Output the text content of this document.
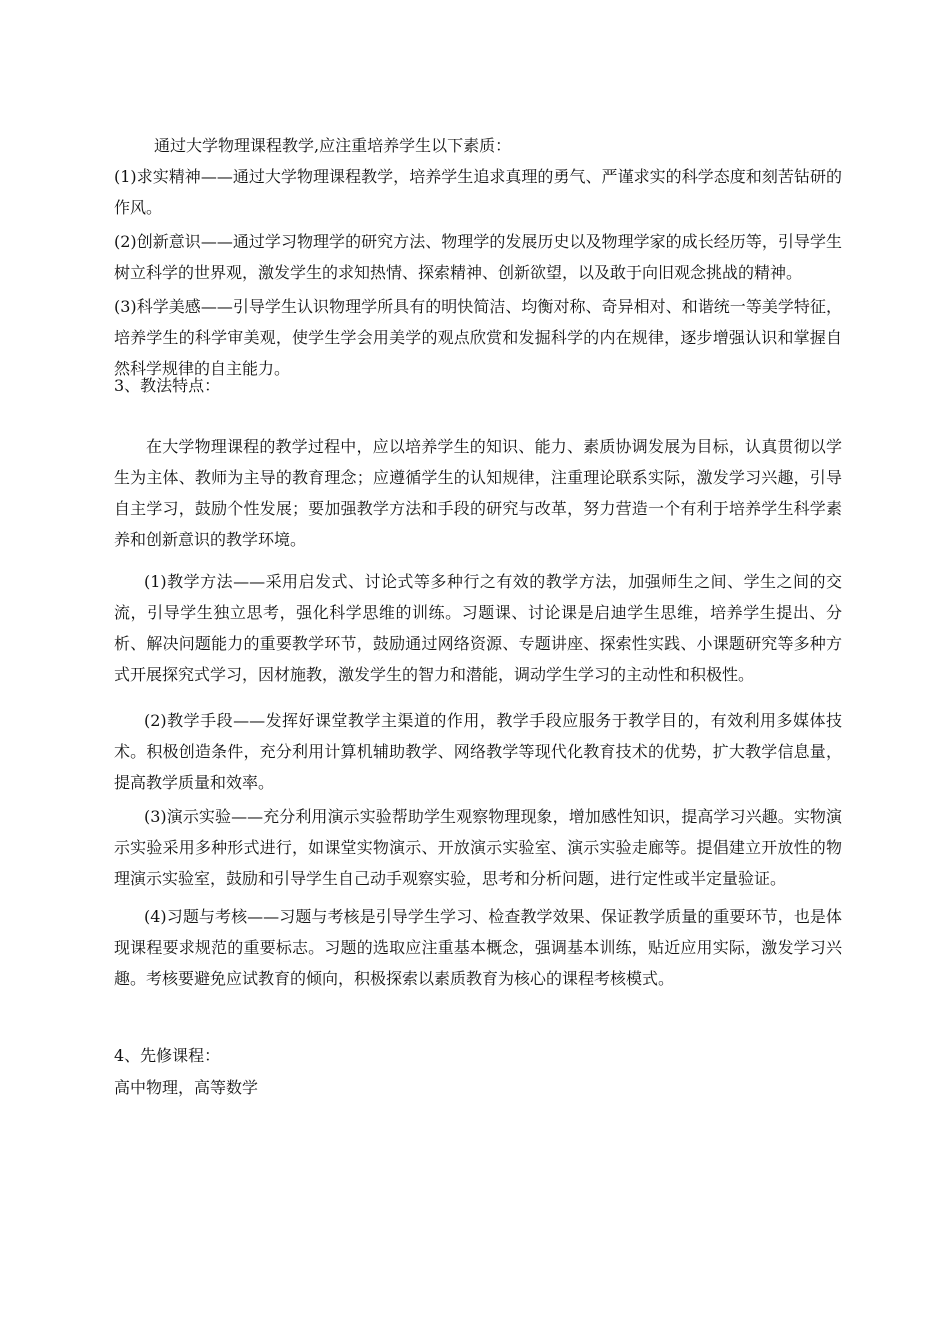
通过大学物理课程教学,应注重培养学生以下素质：

(1)求实精神——通过大学物理课程教学，培养学生追求真理的勇气、严谨求实的科学态度和刻苦钻研的作风。

(2)创新意识——通过学习物理学的研究方法、物理学的发展历史以及物理学家的成长经历等，引导学生树立科学的世界观，激发学生的求知热情、探索精神、创新欲望，以及敢于向旧观念挑战的精神。

(3)科学美感——引导学生认识物理学所具有的明快简洁、均衡对称、奇异相对、和谐统一等美学特征，培养学生的科学审美观，使学生学会用美学的观点欣赏和发掘科学的内在规律，逐步增强认识和掌握自然科学规律的自主能力。

3、教法特点：

在大学物理课程的教学过程中，应以培养学生的知识、能力、素质协调发展为目标，认真贯彻以学生为主体、教师为主导的教育理念；应遵循学生的认知规律，注重理论联系实际，激发学习兴趣，引导自主学习，鼓励个性发展；要加强教学方法和手段的研究与改革，努力营造一个有利于培养学生科学素养和创新意识的教学环境。

(1)教学方法——采用启发式、讨论式等多种行之有效的教学方法，加强师生之间、学生之间的交流，引导学生独立思考，强化科学思维的训练。习题课、讨论课是启迪学生思维，培养学生提出、分析、解决问题能力的重要教学环节，鼓励通过网络资源、专题讲座、探索性实践、小课题研究等多种方式开展探究式学习，因材施教，激发学生的智力和潜能，调动学生学习的主动性和积极性。

(2)教学手段——发挥好课堂教学主渠道的作用，教学手段应服务于教学目的，有效利用多媒体技术。积极创造条件，充分利用计算机辅助教学、网络教学等现代化教育技术的优势，扩大教学信息量，提高教学质量和效率。

(3)演示实验——充分利用演示实验帮助学生观察物理现象，增加感性知识，提高学习兴趣。实物演示实验采用多种形式进行，如课堂实物演示、开放演示实验室、演示实验走廊等。提倡建立开放性的物理演示实验室，鼓励和引导学生自己动手观察实验，思考和分析问题，进行定性或半定量验证。

(4)习题与考核——习题与考核是引导学生学习、检查教学效果、保证教学质量的重要环节，也是体现课程要求规范的重要标志。习题的选取应注重基本概念，强调基本训练，贴近应用实际，激发学习兴趣。考核要避免应试教育的倾向，积极探索以素质教育为核心的课程考核模式。

4、先修课程：

高中物理，高等数学
